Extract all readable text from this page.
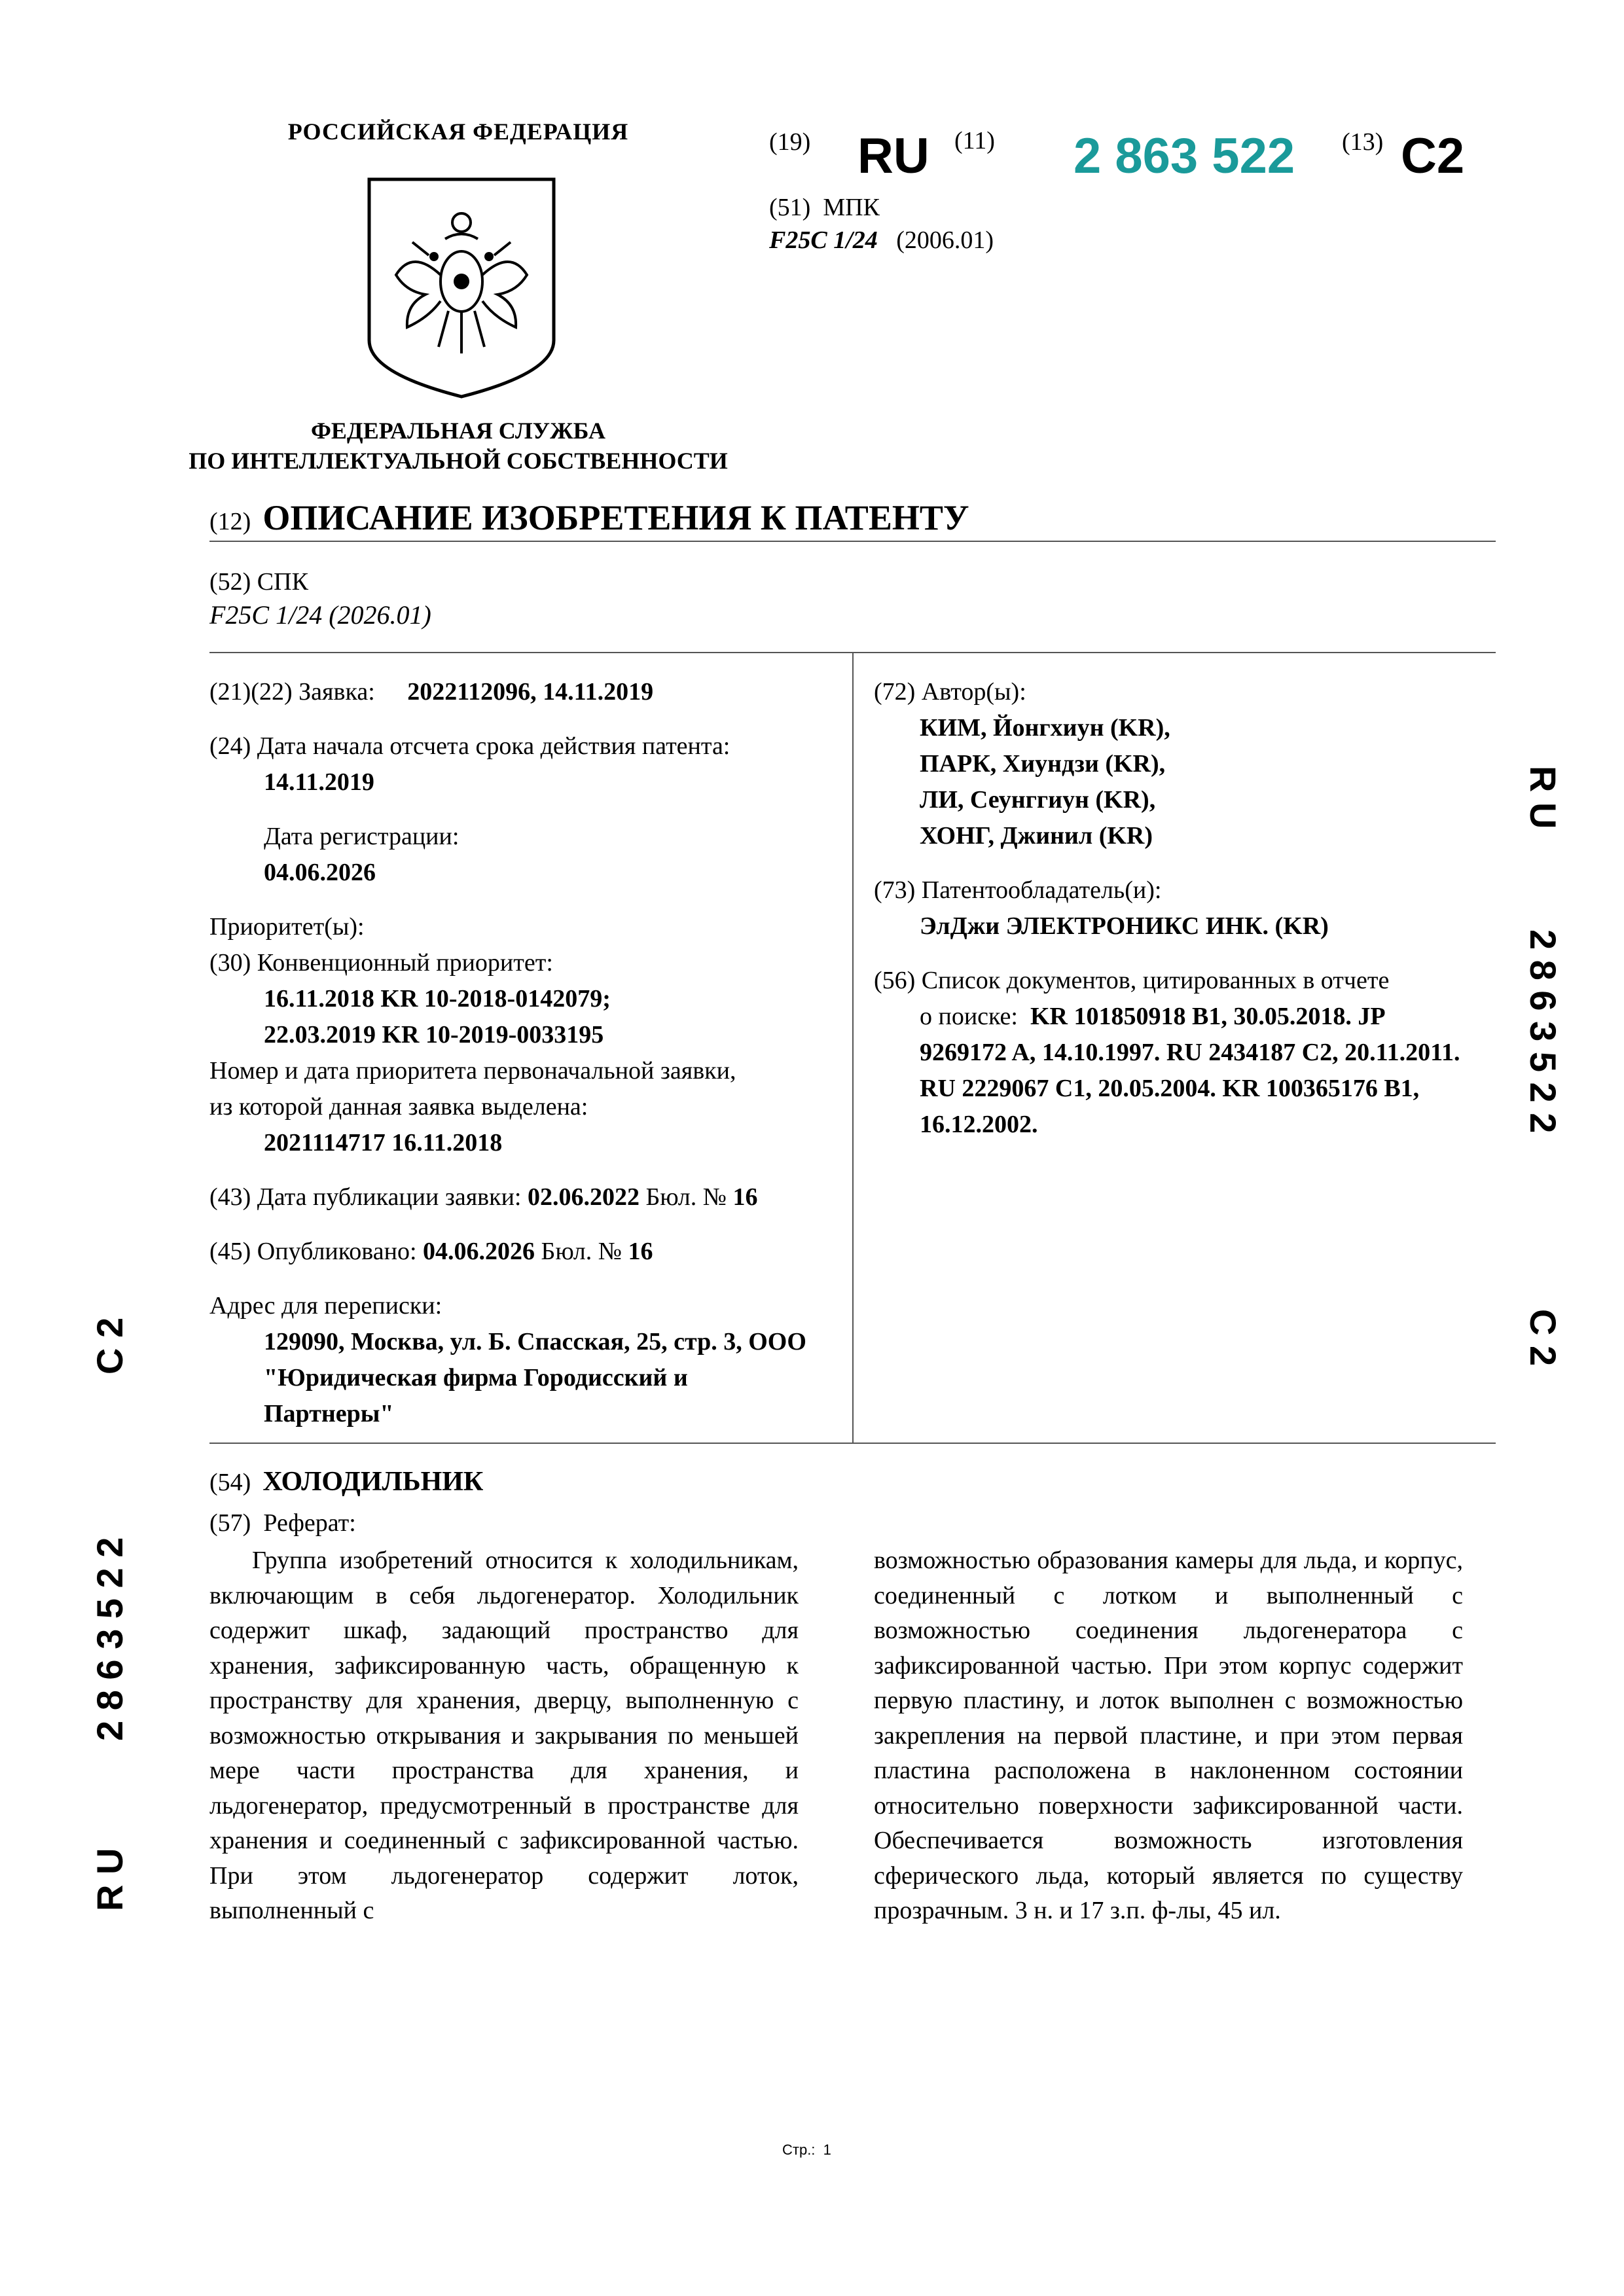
РОССИЙСКАЯ ФЕДЕРАЦИЯ
ФЕДЕРАЛЬНАЯ СЛУЖБА
ПО ИНТЕЛЛЕКТУАЛЬНОЙ СОБСТВЕННОСТИ
(19) RU (11) 2 863 522 (13) C2
(51) МПК
F25C 1/24 (2006.01)
(12) ОПИСАНИЕ ИЗОБРЕТЕНИЯ К ПАТЕНТУ
(52) СПК
F25C 1/24 (2026.01)
(21)(22) Заявка: 2022112096, 14.11.2019
(24) Дата начала отсчета срока действия патента:
14.11.2019
Дата регистрации:
04.06.2026
Приоритет(ы):
(30) Конвенционный приоритет:
16.11.2018 KR 10-2018-0142079;
22.03.2019 KR 10-2019-0033195
Номер и дата приоритета первоначальной заявки,
из которой данная заявка выделена:
2021114717 16.11.2018
(43) Дата публикации заявки: 02.06.2022 Бюл. № 16
(45) Опубликовано: 04.06.2026 Бюл. № 16
Адрес для переписки:
129090, Москва, ул. Б. Спасская, 25, стр. 3, ООО
"Юридическая фирма Городисский и
Партнеры"
(72) Автор(ы):
КИМ, Йонгхиун (KR),
ПАРК, Хиундзи (KR),
ЛИ, Сеунггиун (KR),
ХОНГ, Джинил (KR)
(73) Патентообладатель(и):
ЭлДжи ЭЛЕКТРОНИКС ИНК. (KR)
(56) Список документов, цитированных в отчете
о поиске: KR 101850918 B1, 30.05.2018. JP
9269172 A, 14.10.1997. RU 2434187 C2, 20.11.2011.
RU 2229067 C1, 20.05.2004. KR 100365176 B1,
16.12.2002.
(54) ХОЛОДИЛЬНИК
(57) Реферат:
Группа изобретений относится к холодильникам, включающим в себя льдогенератор. Холодильник содержит шкаф, задающий пространство для хранения, зафиксированную часть, обращенную к пространству для хранения, дверцу, выполненную с возможностью открывания и закрывания по меньшей мере части пространства для хранения, и льдогенератор, предусмотренный в пространстве для хранения и соединенный с зафиксированной частью. При этом льдогенератор содержит лоток, выполненный с
возможностью образования камеры для льда, и корпус, соединенный с лотком и выполненный с возможностью соединения льдогенератора с зафиксированной частью. При этом корпус содержит первую пластину, и лоток выполнен с возможностью закрепления на первой пластине, и при этом первая пластина расположена в наклоненном состоянии относительно поверхности зафиксированной части. Обеспечивается возможность изготовления сферического льда, который является по существу прозрачным. 3 н. и 17 з.п. ф-лы, 45 ил.
R U
2 8 6 3 5 2 2
C 2
C 2
2 8 6 3 5 2 2
R U
Стр.: 1
